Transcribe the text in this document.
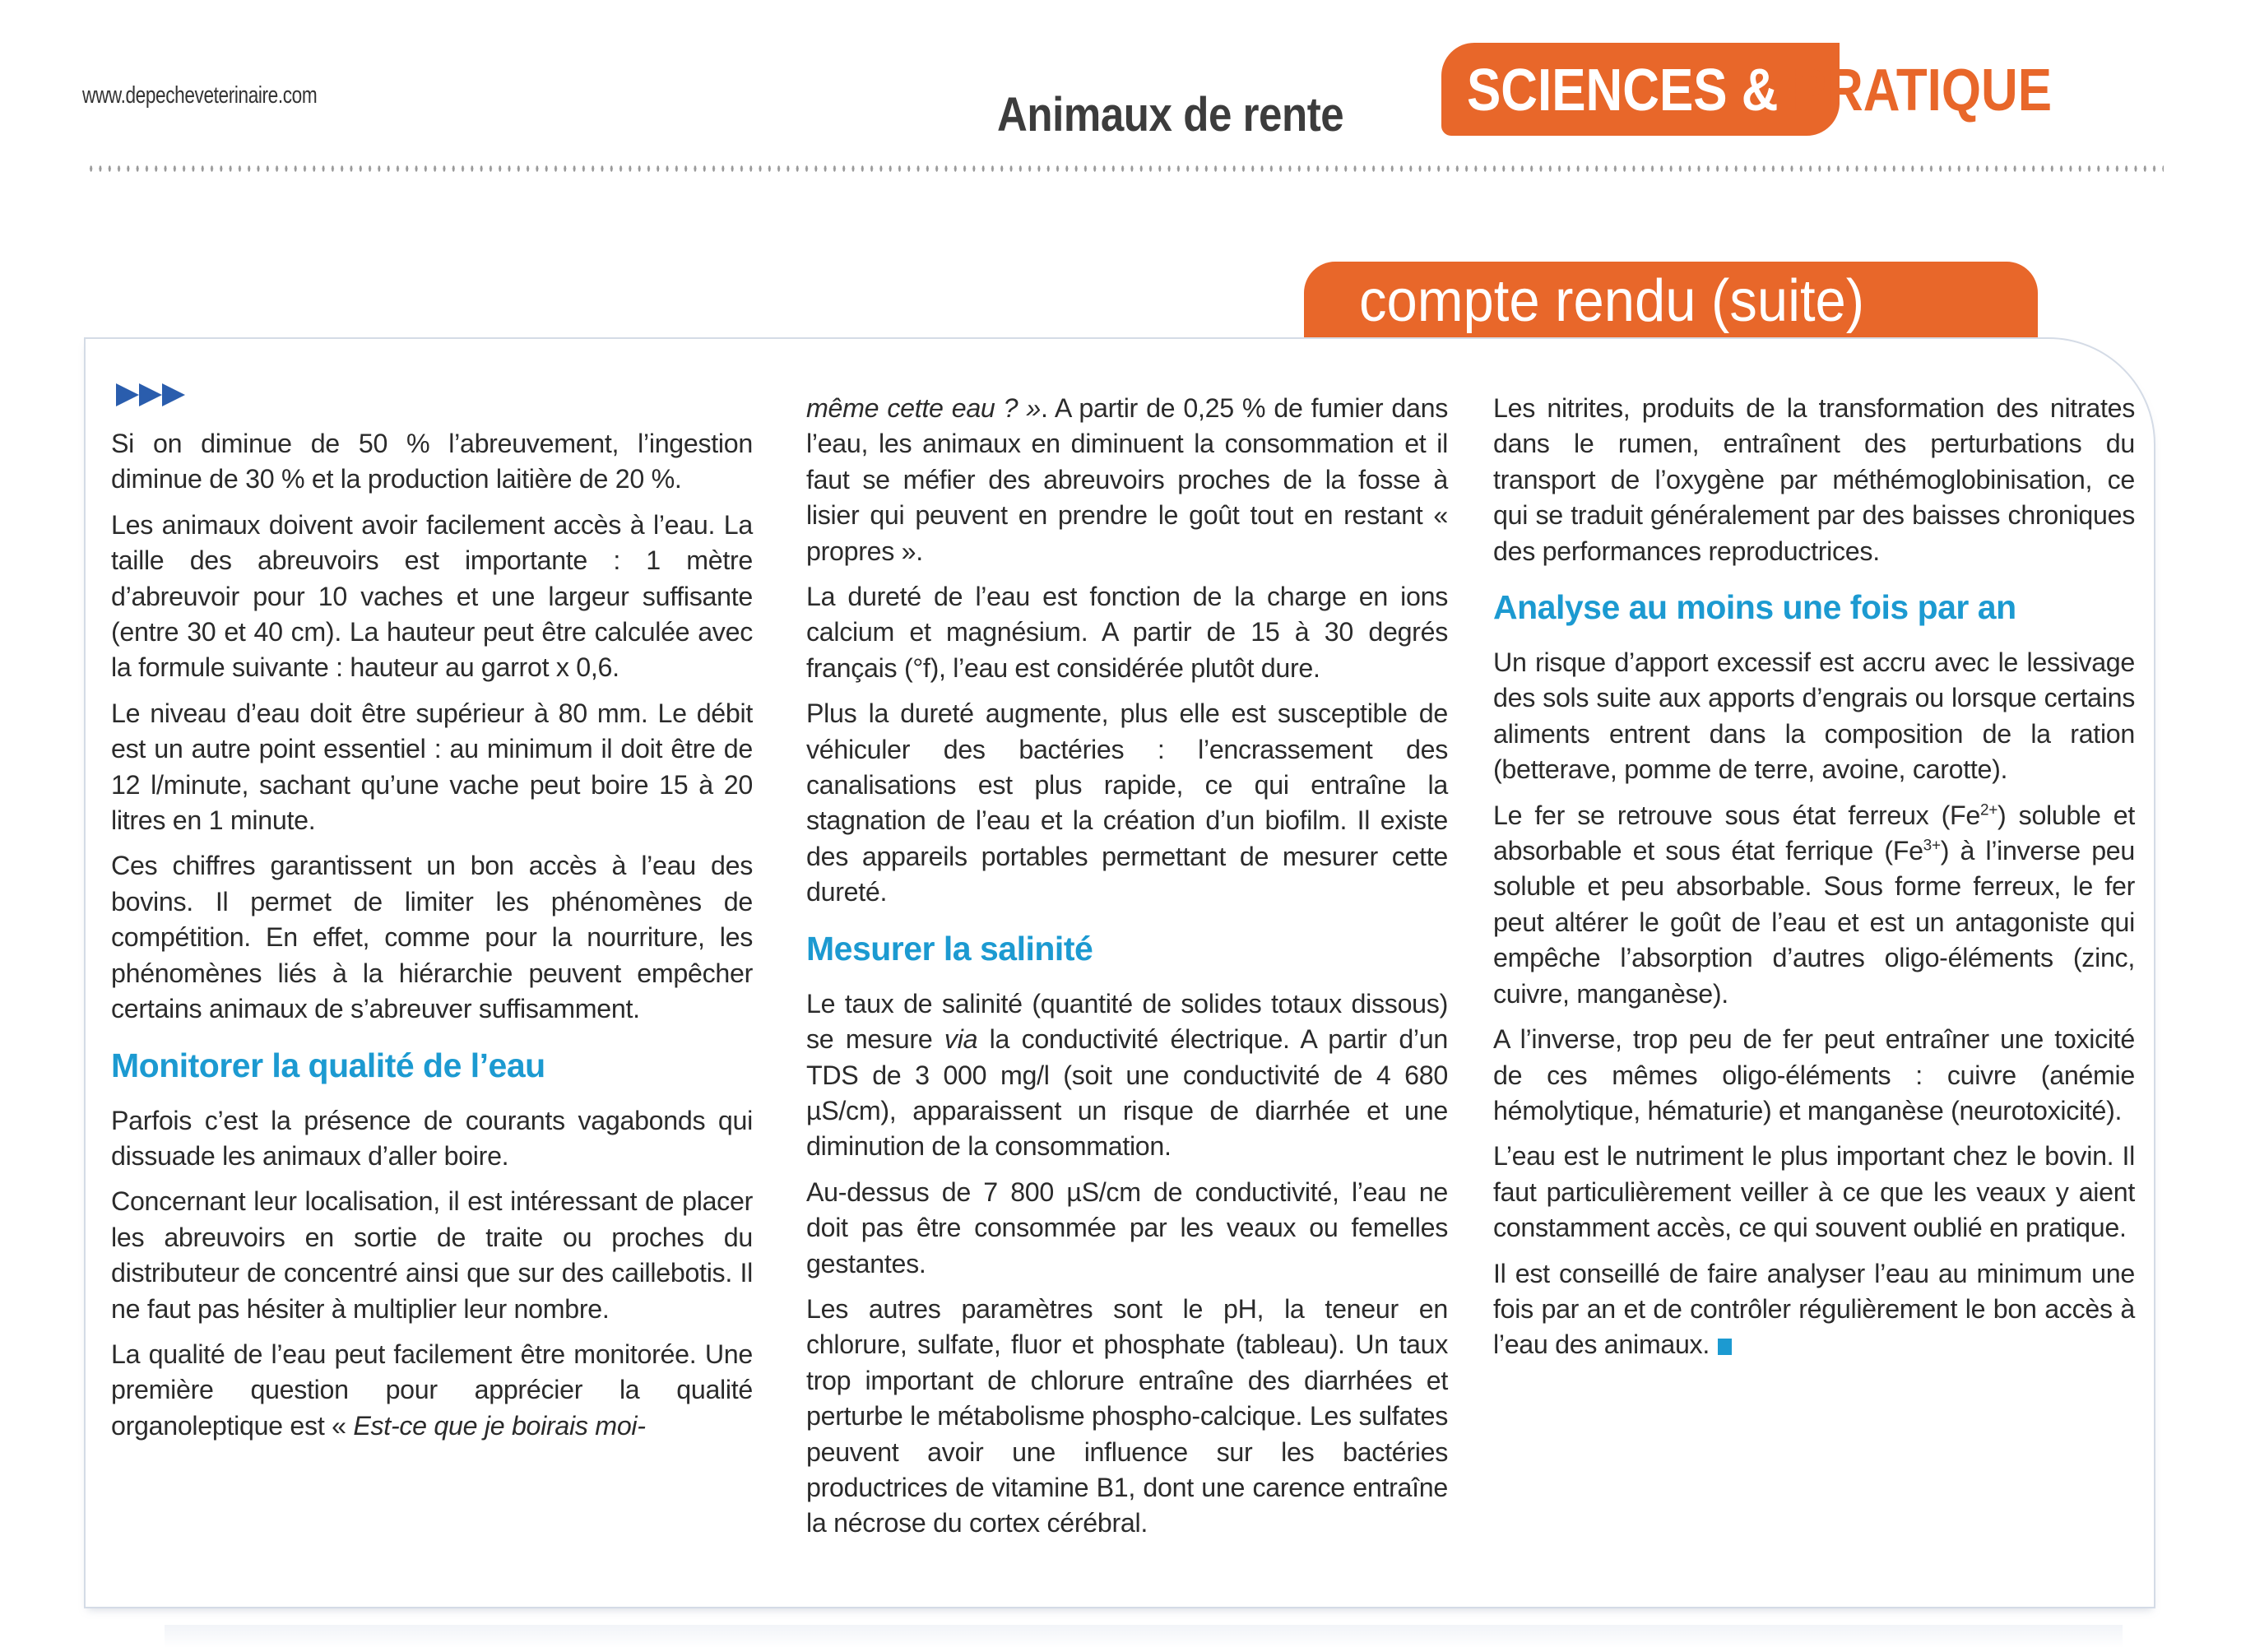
www.depecheveterinaire.com	Animaux de rente SCIENCES & PRATIQUE
compte rendu (suite)

Si on diminue de 50 % l’abreuvement, l’ingestion diminue de 30 % et la production laitière de 20 %.

Les animaux doivent avoir facilement accès à l’eau. La taille des abreuvoirs est importante : 1 mètre d’abreuvoir pour 10 vaches et une largeur suffisante (entre 30 et 40 cm). La hauteur peut être calculée avec la formule suivante : hauteur au garrot x 0,6.

Le niveau d’eau doit être supérieur à 80 mm. Le débit est un autre point essentiel : au minimum il doit être de 12 l/minute, sachant qu’une vache peut boire 15 à 20 litres en 1 minute.

Ces chiffres garantissent un bon accès à l’eau des bovins. Il permet de limiter les phénomènes de compétition. En effet, comme pour la nourriture, les phénomènes liés à la hiérarchie peuvent empêcher certains animaux de s’abreuver suffisamment.

Monitorer la qualité de l’eau

Parfois c’est la présence de courants vagabonds qui dissuade les animaux d’aller boire.

Concernant leur localisation, il est intéressant de placer les abreuvoirs en sortie de traite ou proches du distributeur de concentré ainsi que sur des caillebotis. Il ne faut pas hésiter à multiplier leur nombre.

La qualité de l’eau peut facilement être monitorée. Une première question pour apprécier la qualité organoleptique est « Est-ce que je boirais moi-

même cette eau ? ». A partir de 0,25 % de fumier dans l’eau, les animaux en diminuent la consommation et il faut se méfier des abreuvoirs proches de la fosse à lisier qui peuvent en prendre le goût tout en restant « propres ».

La dureté de l’eau est fonction de la charge en ions calcium et magnésium. A partir de 15 à 30 degrés français (°f), l’eau est considérée plutôt dure.

Plus la dureté augmente, plus elle est susceptible de véhiculer des bactéries : l’encrassement des canalisations est plus rapide, ce qui entraîne la stagnation de l’eau et la création d’un biofilm. Il existe des appareils portables permettant de mesurer cette dureté.

Mesurer la salinité

Le taux de salinité (quantité de solides totaux dissous) se mesure via la conductivité électrique. A partir d’un TDS de 3 000 mg/l (soit une conductivité de 4 680 µS/cm), apparaissent un risque de diarrhée et une diminution de la consommation.

Au-dessus de 7 800 µS/cm de conductivité, l’eau ne doit pas être consommée par les veaux ou femelles gestantes.

Les autres paramètres sont le pH, la teneur en chlorure, sulfate, fluor et phosphate (tableau). Un taux trop important de chlorure entraîne des diarrhées et perturbe le métabolisme phospho-calcique. Les sulfates peuvent avoir une influence sur les bactéries productrices de vitamine B1, dont une carence entraîne la nécrose du cortex cérébral.

Les nitrites, produits de la transformation des nitrates dans le rumen, entraînent des perturbations du transport de l’oxygène par méthémoglobinisation, ce qui se traduit généralement par des baisses chroniques des performances reproductrices.

Analyse au moins une fois par an

Un risque d’apport excessif est accru avec le lessivage des sols suite aux apports d’engrais ou lorsque certains aliments entrent dans la composition de la ration (betterave, pomme de terre, avoine, carotte).

Le fer se retrouve sous état ferreux $(Fe^{2+})$ soluble et absorbable et sous état ferrique $(Fe^{3+})$ à l’inverse peu soluble et peu absorbable. Sous forme ferreux, le fer peut altérer le goût de l’eau et est un antagoniste qui empêche l’absorption d’autres oligo-éléments (zinc, cuivre, manganèse).

A l’inverse, trop peu de fer peut entraîner une toxicité de ces mêmes oligo-éléments : cuivre (anémie hémolytique, hématurie) et manganèse (neurotoxicité).

L’eau est le nutriment le plus important chez le bovin. Il faut particulièrement veiller à ce que les veaux y aient constamment accès, ce qui souvent oublié en pratique.

Il est conseillé de faire analyser l’eau au minimum une fois par an et de contrôler régulièrement le bon accès à l’eau des animaux.
